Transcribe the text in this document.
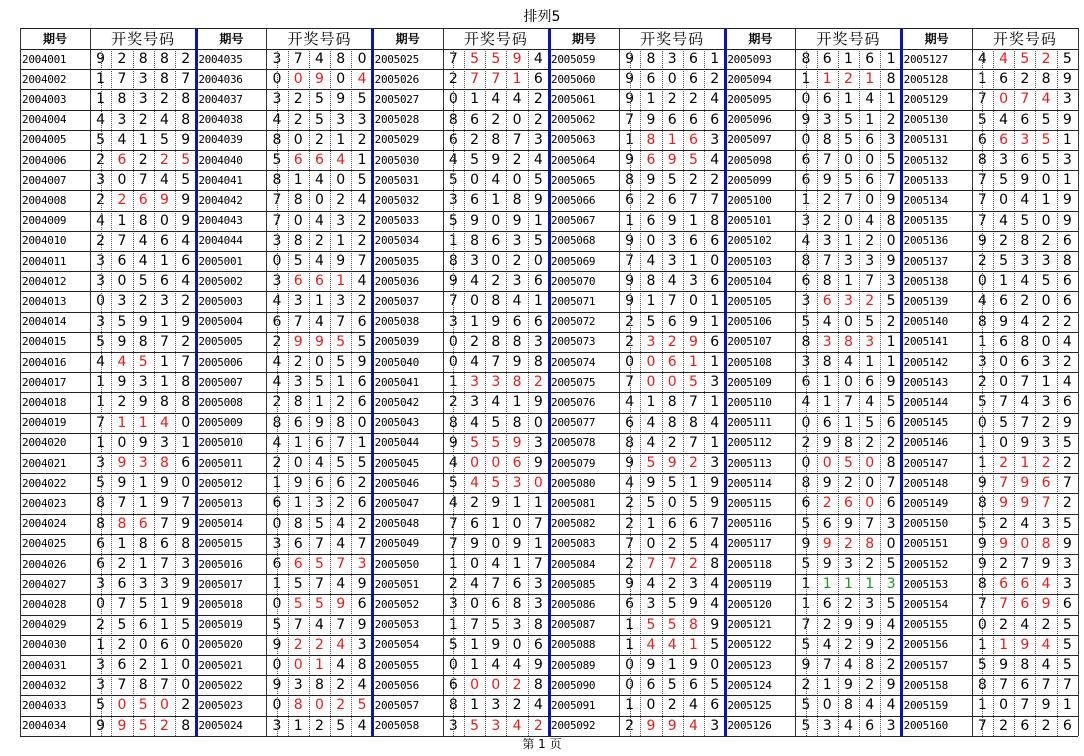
排列5
期号	开奖号码
2004001	9 2 8 8 2
2004002	1 7 3 8 7
2004003	1 8 3 2 8
2004004	4 3 2 4 8
2004005	5 4 1 5 9
2004006	2 6 2 2 5
2004007	3 0 7 4 5
2004008	2 2 6 9 9
2004009	4 1 8 0 9
2004010	2 7 4 6 4
2004011	3 6 4 1 6
2004012	3 0 5 6 4
2004013	0 3 2 3 2
2004014	3 5 9 1 9
2004015	5 9 8 7 2
2004016	4 4 5 1 7
2004017	1 9 3 1 8
2004018	1 2 9 8 8
2004019	7 1 1 4 0
2004020	1 0 9 3 1
2004021	3 9 3 8 6
2004022	5 9 1 9 0
2004023	8 7 1 9 7
2004024	8 8 6 7 9
2004025	6 1 8 6 8
2004026	6 2 1 7 3
2004027	3 6 3 3 9
2004028	0 7 5 1 9
2004029	2 5 6 1 5
2004030	1 2 0 6 0
2004031	3 6 2 1 0
2004032	3 7 8 7 0
2004033	5 0 5 0 2
2004034	9 9 5 2 8
期号	开奖号码
2004035	3 7 4 8 0
2004036	0 0 9 0 4
2004037	3 2 5 9 5
2004038	4 2 5 3 3
2004039	8 0 2 1 2
2004040	5 6 6 4 1
2004041	8 1 4 0 5
2004042	7 8 0 2 4
2004043	7 0 4 3 2
2004044	3 8 2 1 2
2005001	0 5 4 9 7
2005002	3 6 6 1 4
2005003	4 3 1 3 2
2005004	6 7 4 7 6
2005005	2 9 9 5 5
2005006	4 2 0 5 9
2005007	4 3 5 1 6
2005008	2 8 1 2 6
2005009	8 6 9 8 0
2005010	4 1 6 7 1
2005011	2 0 4 5 5
2005012	1 9 6 6 2
2005013	6 1 3 2 6
2005014	0 8 5 4 2
2005015	3 6 7 4 7
2005016	6 6 5 7 3
2005017	1 5 7 4 9
2005018	0 5 5 9 6
2005019	5 7 4 7 9
2005020	9 2 2 4 3
2005021	0 0 1 4 8
2005022	9 3 8 2 4
2005023	0 8 0 2 5
2005024	3 1 2 5 4
期号	开奖号码
2005025	7 5 5 9 4
2005026	2 7 7 1 6
2005027	0 1 4 4 2
2005028	8 6 2 0 2
2005029	6 2 8 7 3
2005030	4 5 9 2 4
2005031	5 0 4 0 5
2005032	3 6 1 8 9
2005033	5 9 0 9 1
2005034	1 8 6 3 5
2005035	8 3 0 2 0
2005036	9 4 2 3 6
2005037	7 0 8 4 1
2005038	3 1 9 6 6
2005039	0 2 8 8 3
2005040	0 4 7 9 8
2005041	1 3 3 8 2
2005042	2 3 4 1 9
2005043	8 4 5 8 0
2005044	9 5 5 9 3
2005045	4 0 0 6 9
2005046	5 4 5 3 0
2005047	4 2 9 1 1
2005048	7 6 1 0 7
2005049	7 9 0 9 1
2005050	1 0 4 1 7
2005051	2 4 7 6 3
2005052	3 0 6 8 3
2005053	1 7 5 3 8
2005054	5 1 9 0 6
2005055	0 1 4 4 9
2005056	6 0 0 2 8
2005057	8 1 3 2 4
2005058	3 5 3 4 2
期号	开奖号码
2005059	9 8 3 6 1
2005060	9 6 0 6 2
2005061	9 1 2 2 4
2005062	7 9 6 6 6
2005063	1 8 1 6 3
2005064	9 6 9 5 4
2005065	8 9 5 2 2
2005066	6 2 6 7 7
2005067	1 6 9 1 8
2005068	9 0 3 6 6
2005069	7 4 3 1 0
2005070	9 8 4 3 6
2005071	9 1 7 0 1
2005072	2 5 6 9 1
2005073	2 3 2 9 6
2005074	0 0 6 1 1
2005075	7 0 0 5 3
2005076	4 1 8 7 1
2005077	6 4 8 8 4
2005078	8 4 2 7 1
2005079	9 5 9 2 3
2005080	4 9 5 1 9
2005081	2 5 0 5 9
2005082	2 1 6 6 7
2005083	7 0 2 5 4
2005084	2 7 7 2 8
2005085	9 4 2 3 4
2005086	6 3 5 9 4
2005087	1 5 5 8 9
2005088	1 4 4 1 5
2005089	0 9 1 9 0
2005090	0 6 5 6 5
2005091	1 0 2 4 6
2005092	2 9 9 4 3
期号	开奖号码
2005093	8 6 1 6 1
2005094	1 1 2 1 8
2005095	0 6 1 4 1
2005096	9 3 5 1 2
2005097	0 8 5 6 3
2005098	6 7 0 0 5
2005099	6 9 5 6 7
2005100	1 2 7 0 9
2005101	3 2 0 4 8
2005102	4 3 1 2 0
2005103	8 7 3 3 9
2005104	6 8 1 7 3
2005105	3 6 3 2 5
2005106	5 4 0 5 2
2005107	8 3 8 3 1
2005108	3 8 4 1 1
2005109	6 1 0 6 9
2005110	4 1 7 4 5
2005111	0 6 1 5 6
2005112	2 9 8 2 2
2005113	0 0 5 0 8
2005114	8 9 2 0 7
2005115	6 2 6 0 6
2005116	5 6 9 7 3
2005117	9 9 2 8 0
2005118	5 9 3 2 5
2005119	1 1 1 1 3
2005120	1 6 2 3 5
2005121	7 2 9 9 4
2005122	5 4 2 9 2
2005123	9 7 4 8 2
2005124	2 1 9 2 9
2005125	5 0 8 4 4
2005126	5 3 4 6 3
期号	开奖号码
2005127	4 4 5 2 5
2005128	1 6 2 8 9
2005129	7 0 7 4 3
2005130	5 4 6 5 9
2005131	6 6 3 5 1
2005132	8 3 6 5 3
2005133	7 5 9 0 1
2005134	7 0 4 1 9
2005135	7 4 5 0 9
2005136	9 2 8 2 6
2005137	2 5 3 3 8
2005138	0 1 4 5 6
2005139	4 6 2 0 6
2005140	8 9 4 2 2
2005141	1 6 8 0 4
2005142	3 0 6 3 2
2005143	2 0 7 1 4
2005144	5 7 4 3 6
2005145	0 5 7 2 9
2005146	1 0 9 3 5
2005147	1 2 1 2 2
2005148	9 7 9 6 7
2005149	8 9 9 7 2
2005150	5 2 4 3 5
2005151	9 9 0 8 9
2005152	9 2 7 9 3
2005153	8 6 6 4 3
2005154	7 7 6 9 6
2005155	0 2 4 2 5
2005156	1 1 9 4 5
2005157	5 9 8 4 5
2005158	8 7 6 7 7
2005159	1 0 7 9 1
2005160	7 2 6 2 6
第 1 页
